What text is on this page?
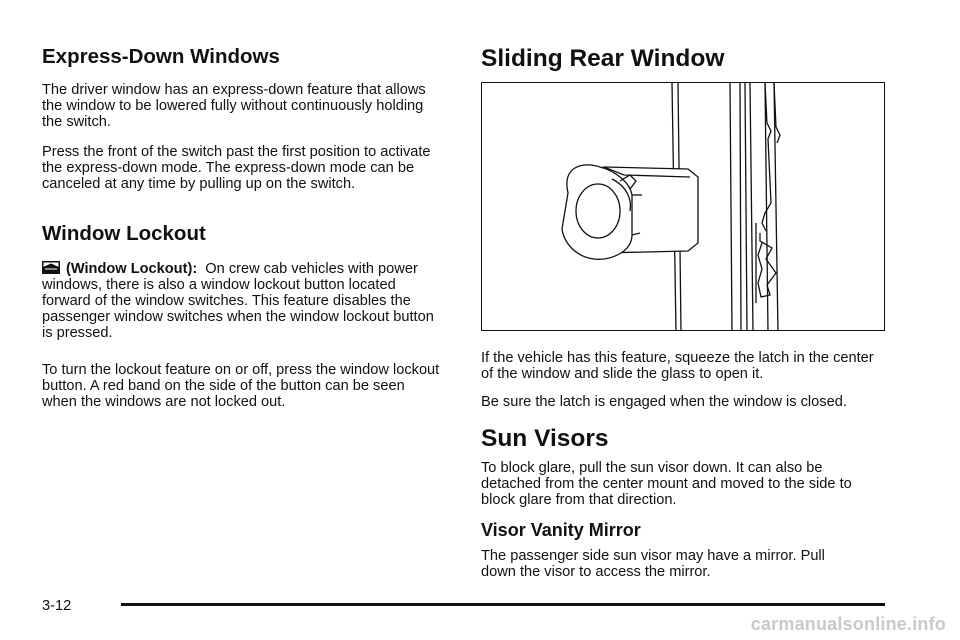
Express-Down Windows

The driver window has an express-down feature that allows the window to be lowered fully without continuously holding the switch.

Press the front of the switch past the first position to activate the express-down mode. The express-down mode can be canceled at any time by pulling up on the switch.

Window Lockout

(Window Lockout): On crew cab vehicles with power windows, there is also a window lockout button located forward of the window switches. This feature disables the passenger window switches when the window lockout button is pressed.

To turn the lockout feature on or off, press the window lockout button. A red band on the side of the button can be seen when the windows are not locked out.

Sliding Rear Window

If the vehicle has this feature, squeeze the latch in the center of the window and slide the glass to open it.

Be sure the latch is engaged when the window is closed.

Sun Visors

To block glare, pull the sun visor down. It can also be detached from the center mount and moved to the side to block glare from that direction.

Visor Vanity Mirror

The passenger side sun visor may have a mirror. Pull down the visor to access the mirror.

3-12
carmanualsonline.info
